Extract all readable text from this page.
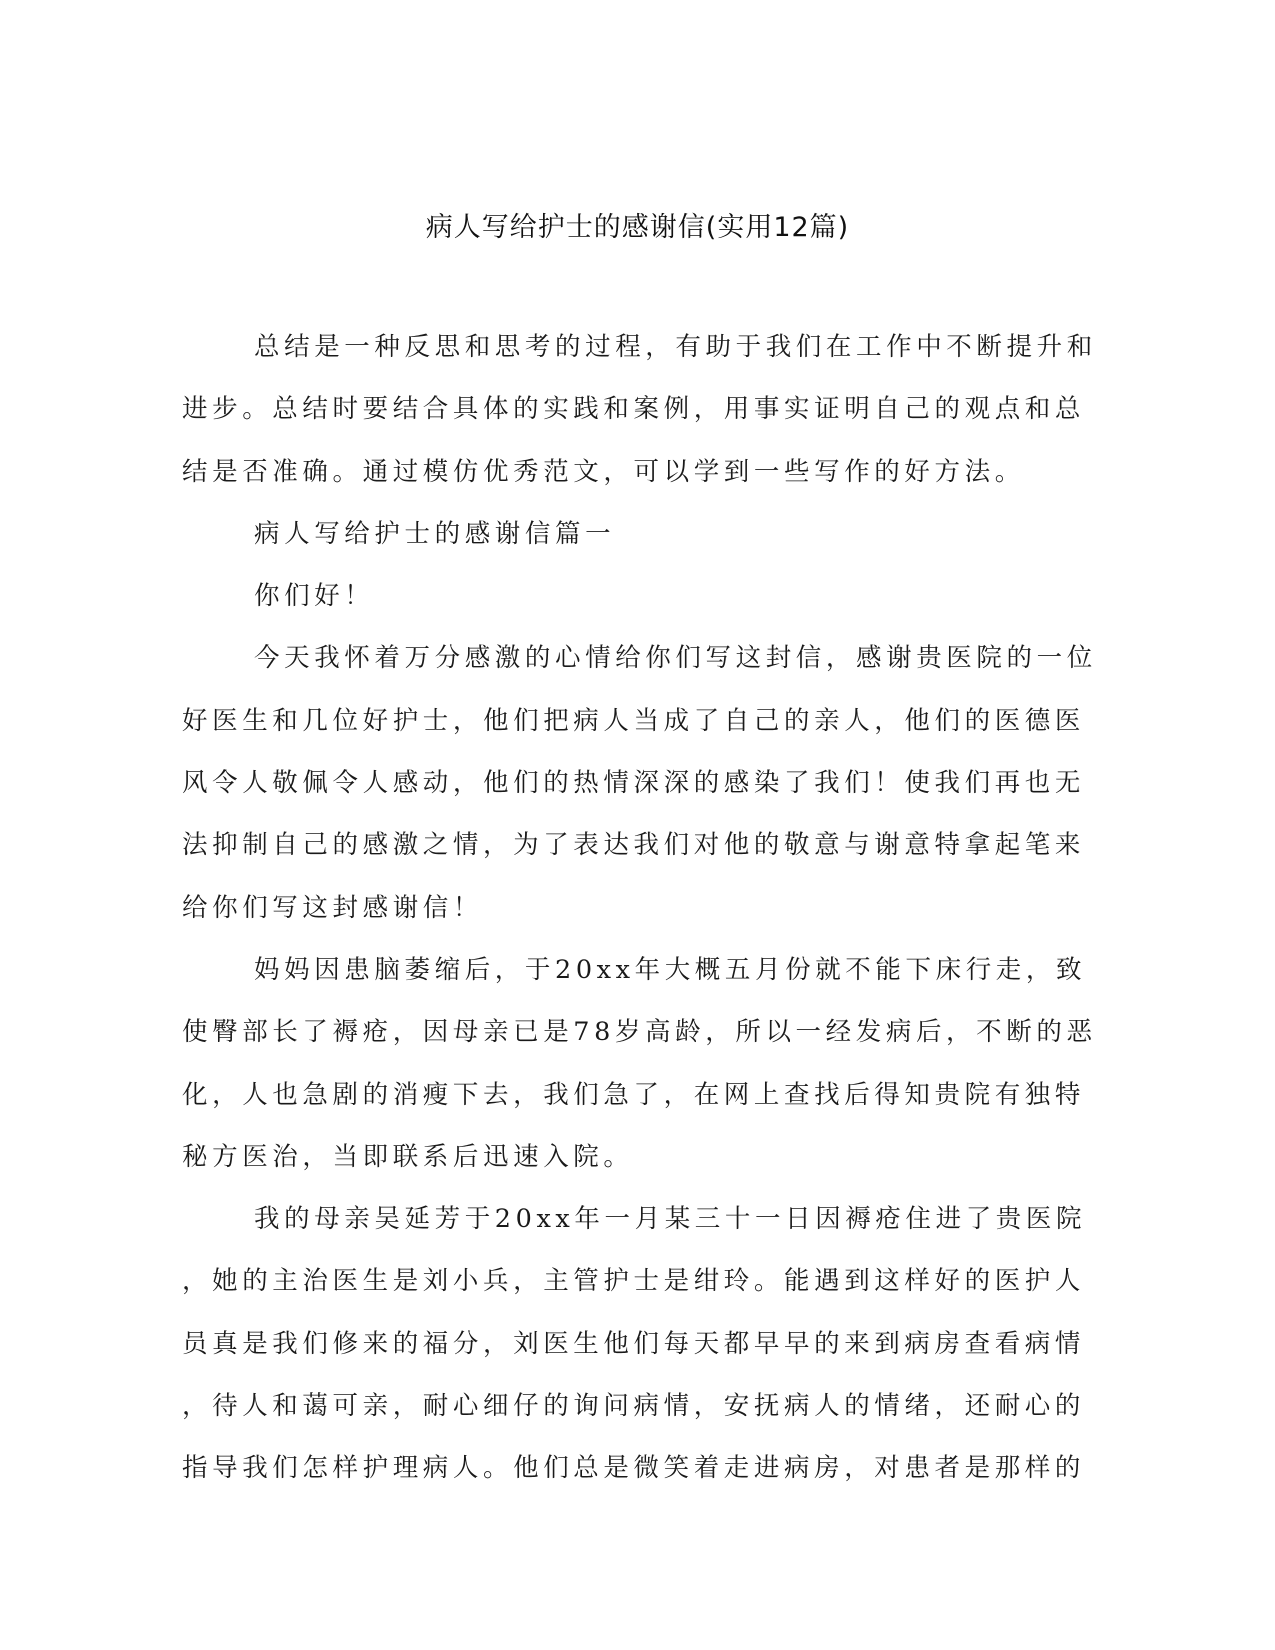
病人写给护士的感谢信(实用12篇)
总结是一种反思和思考的过程，有助于我们在工作中不断提升和
进步。总结时要结合具体的实践和案例，用事实证明自己的观点和总
结是否准确。通过模仿优秀范文，可以学到一些写作的好方法。
病人写给护士的感谢信篇一
你们好！
今天我怀着万分感激的心情给你们写这封信，感谢贵医院的一位
好医生和几位好护士，他们把病人当成了自己的亲人，他们的医德医
风令人敬佩令人感动，他们的热情深深的感染了我们！使我们再也无
法抑制自己的感激之情，为了表达我们对他的敬意与谢意特拿起笔来
给你们写这封感谢信！
妈妈因患脑萎缩后，于20xx年大概五月份就不能下床行走，致
使臀部长了褥疮，因母亲已是78岁高龄，所以一经发病后，不断的恶
化，人也急剧的消瘦下去，我们急了，在网上查找后得知贵院有独特
秘方医治，当即联系后迅速入院。
我的母亲吴延芳于20xx年一月某三十一日因褥疮住进了贵医院
，她的主治医生是刘小兵，主管护士是绀玲。能遇到这样好的医护人
员真是我们修来的福分，刘医生他们每天都早早的来到病房查看病情
，待人和蔼可亲，耐心细仔的询问病情，安抚病人的情绪，还耐心的
指导我们怎样护理病人。他们总是微笑着走进病房，对患者是那样的
